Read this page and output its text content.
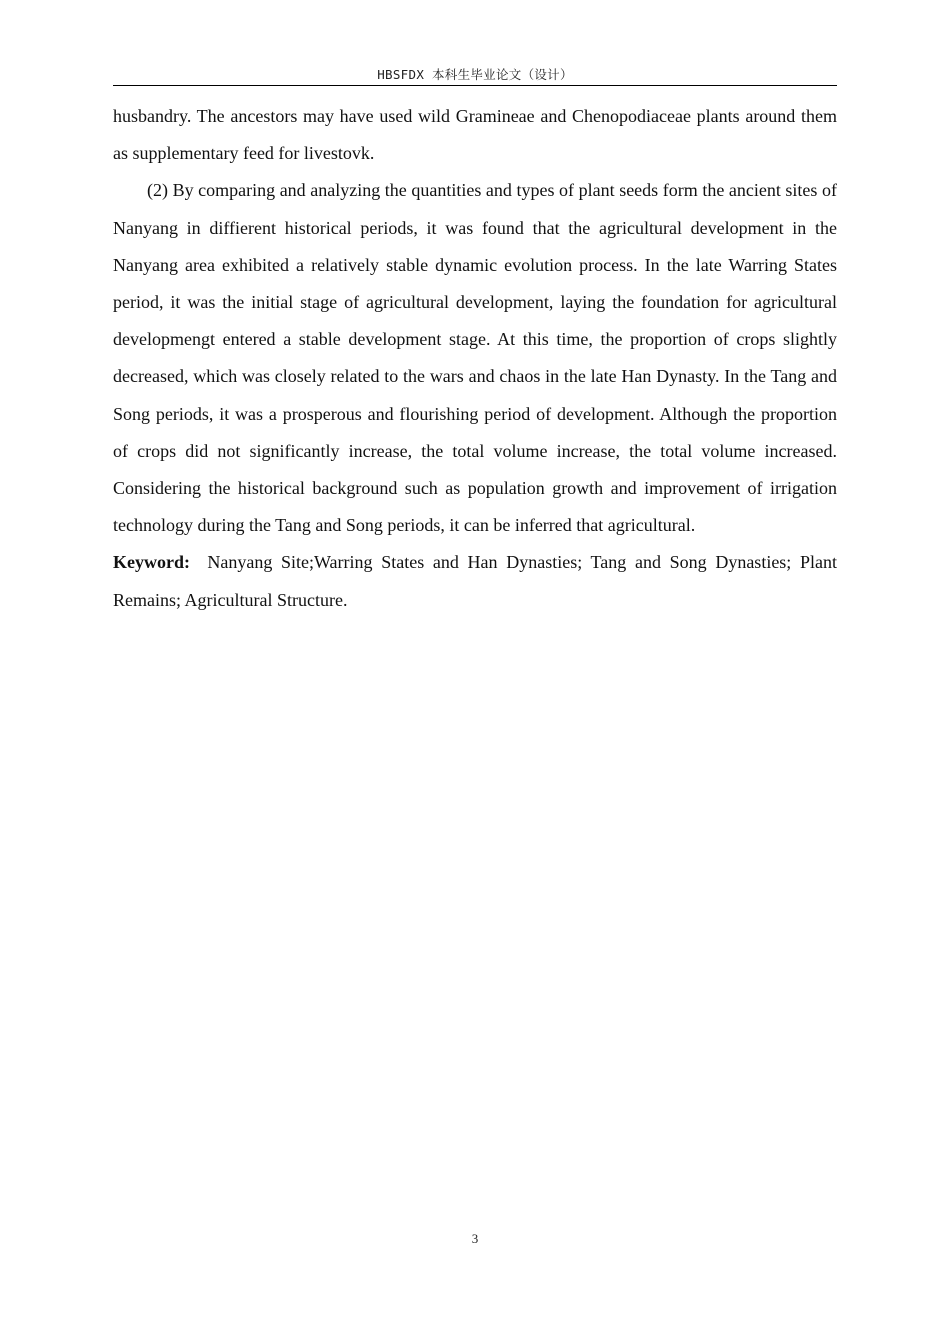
HBSFDX 本科生毕业论文（设计）

husbandry. The ancestors may have used wild Gramineae and Chenopodiaceae plants around them as supplementary feed for livestovk.

(2) By comparing and analyzing the quantities and types of plant seeds form the ancient sites of Nanyang in diffierent historical periods, it was found that the agricultural development in the Nanyang area exhibited a relatively stable dynamic evolution process. In the late Warring States period, it was the initial stage of agricultural development, laying the foundation for agricultural developmengt entered a stable development stage. At this time, the proportion of crops slightly decreased, which was closely related to the wars and chaos in the late Han Dynasty. In the Tang and Song periods, it was a prosperous and flourishing period of development. Although the proportion of crops did not significantly increase, the total volume increase, the total volume increased. Considering the historical background such as population growth and improvement of irrigation technology during the Tang and Song periods, it can be inferred that agricultural.

Keyword: Nanyang Site;Warring States and Han Dynasties; Tang and Song Dynasties; Plant Remains; Agricultural Structure.

3
